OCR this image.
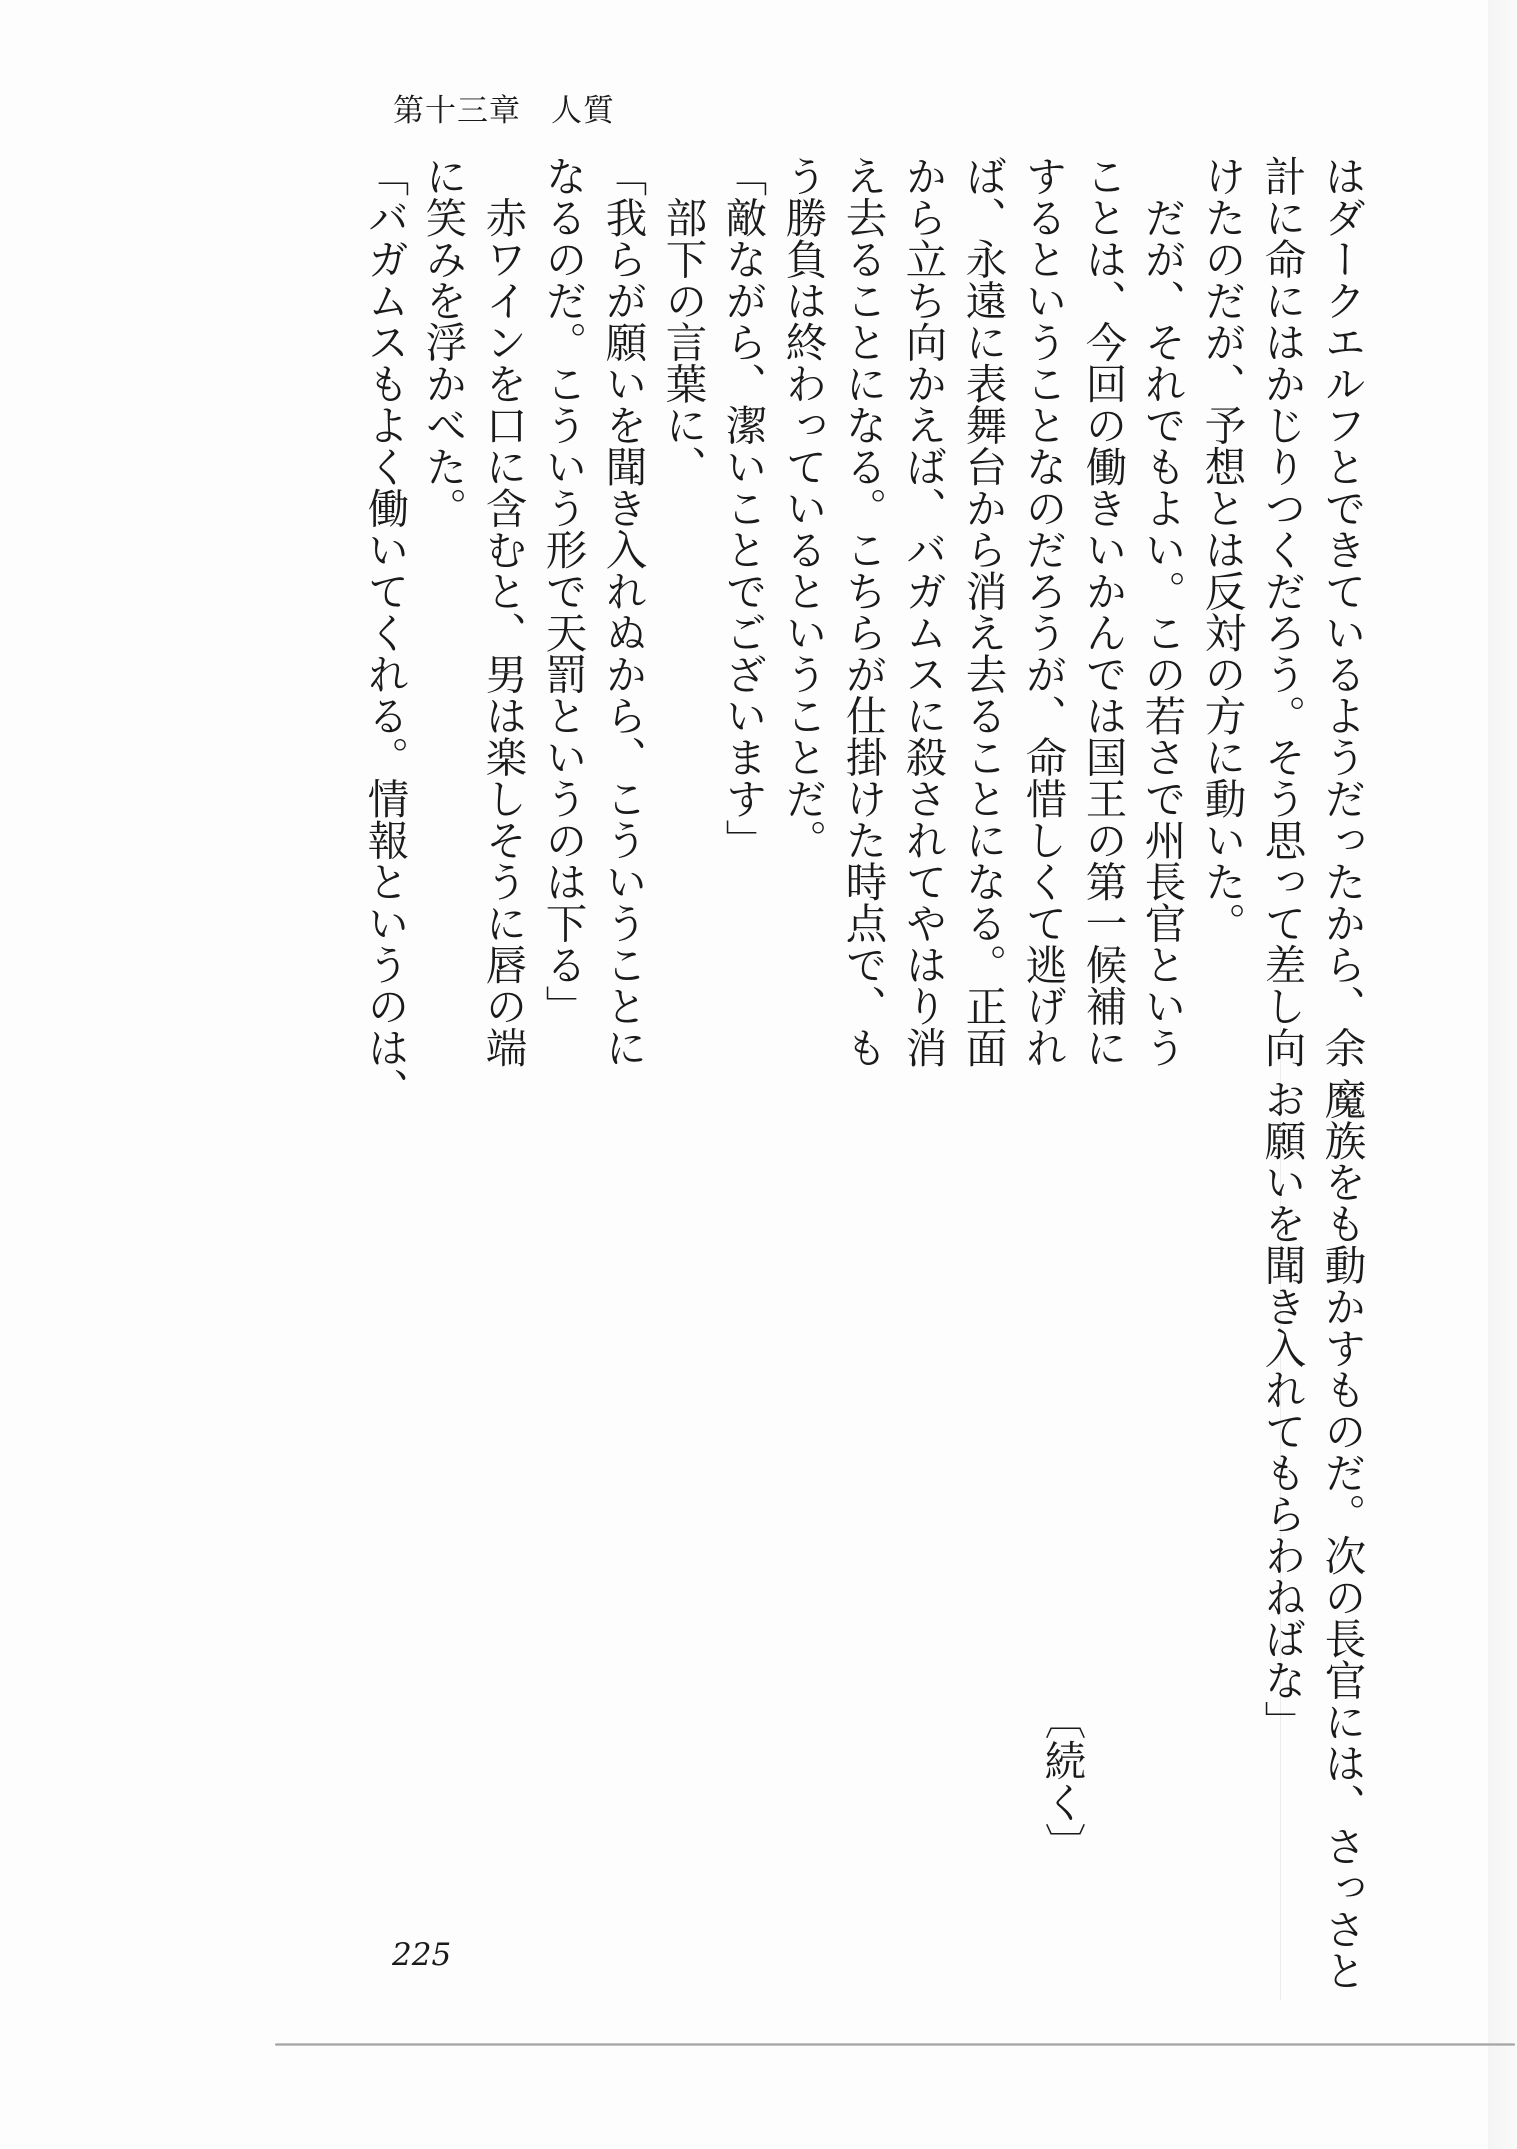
第十三章 人質
はダークエルフとできているようだったから、余
計に命にはかじりつくだろう。そう思って差し向
けたのだが、予想とは反対の方に動いた。
　だが、それでもよい。この若さで州長官という
ことは、今回の働きいかんでは国王の第一候補に
するということなのだろうが、命惜しくて逃げれ
ば、永遠に表舞台から消え去ることになる。正面
から立ち向かえば、バガムスに殺されてやはり消
え去ることになる。こちらが仕掛けた時点で、も
う勝負は終わっているということだ。
「敵ながら、潔いことでございます」
　部下の言葉に、
「我らが願いを聞き入れぬから、こういうことに
なるのだ。こういう形で天罰というのは下る」
　赤ワインを口に含むと、男は楽しそうに唇の端
に笑みを浮かべた。
「バガムスもよく働いてくれる。情報というのは、
魔族をも動かすものだ。次の長官には、さっさと
お願いを聞き入れてもらわねばな」
〔続く〕
225
